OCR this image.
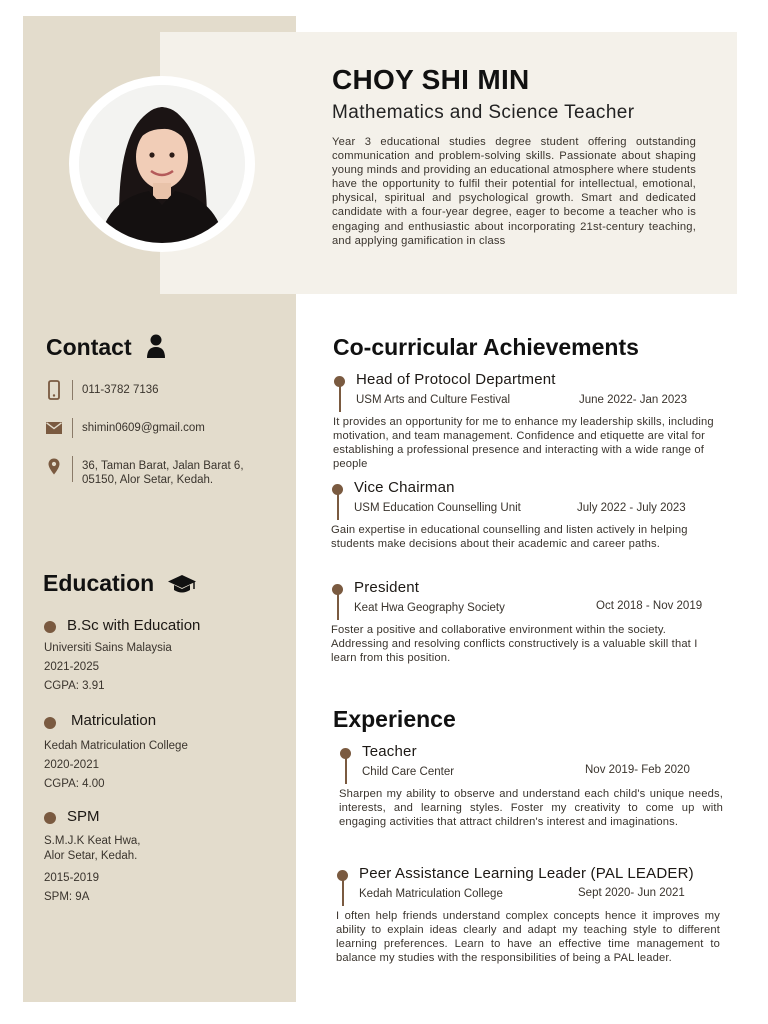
CHOY SHI MIN
Mathematics and Science Teacher
Year 3 educational studies degree student offering outstanding communication and problem-solving skills. Passionate about shaping young minds and providing an educational atmosphere where students have the opportunity to fulfil their potential for intellectual, emotional, physical, spiritual and psychological growth. Smart and dedicated candidate with a four-year degree, eager to become a teacher who is engaging and enthusiastic about incorporating 21st-century teaching, and applying gamification in class
Contact
011-3782 7136
shimin0609@gmail.com
36, Taman Barat, Jalan Barat 6,
05150, Alor Setar, Kedah.
Education
B.Sc with Education
Universiti Sains Malaysia
2021-2025
CGPA: 3.91
Matriculation
Kedah Matriculation College
2020-2021
CGPA: 4.00
SPM
S.M.J.K Keat Hwa,
Alor Setar, Kedah.
2015-2019
SPM: 9A
Co-curricular Achievements
Head of Protocol Department
USM Arts and Culture Festival	June 2022- Jan 2023
It provides an opportunity for me to enhance my leadership skills, including motivation, and team management. Confidence and etiquette are vital for establishing a professional presence and interacting with a wide range of people
Vice Chairman
USM Education Counselling Unit	July 2022 - July 2023
Gain expertise in educational counselling and listen actively in helping students make decisions about their academic and career paths.
President
Keat Hwa Geography Society	Oct 2018 - Nov 2019
Foster a positive and collaborative environment within the society. Addressing and resolving conflicts constructively is a valuable skill that I learn from this position.
Experience
Teacher
Child Care Center	Nov 2019- Feb 2020
Sharpen my ability to observe and understand each child's unique needs, interests, and learning styles. Foster my creativity to come up with engaging activities that attract children's interest and imaginations.
Peer Assistance Learning Leader (PAL LEADER)
Kedah Matriculation College	Sept 2020- Jun 2021
I often help friends understand complex concepts hence it improves my ability to explain ideas clearly and adapt my teaching style to different learning preferences. Learn to have an effective time management to balance my studies with the responsibilities of being a PAL leader.
